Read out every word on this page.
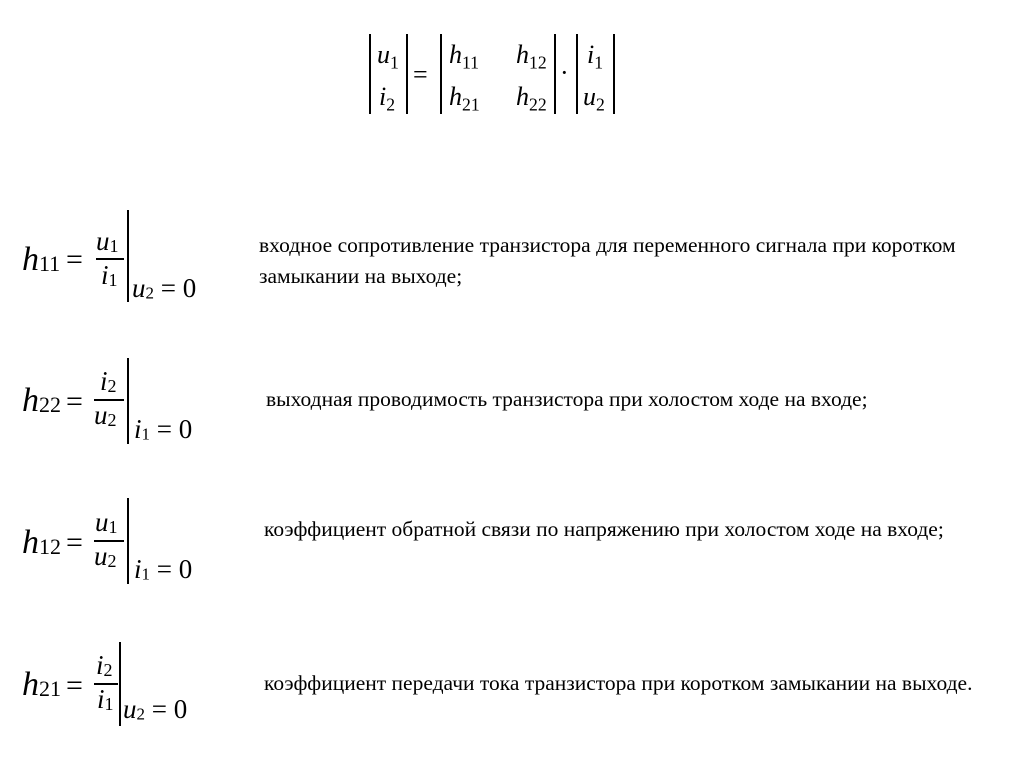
$u_1$
$i_2$
=
$h_{11}$ $h_{12}$
$h_{21}$ $h_{22}$
·
$i_1$
$u_2$
h11 =
u1
i1 u2 = 0
входное сопротивление транзистора для переменного сигнала при коротком замыкании на выходе;
h22 =
i2
u2 i1 = 0
выходная проводимость транзистора при холостом ходе на входе;
h12 =
u1
u2 i1 = 0
коэффициент обратной связи по напряжению при холостом ходе на входе;
h21 =
i2
i1 u2 = 0
коэффициент передачи тока транзистора при коротком замыкании на выходе.
